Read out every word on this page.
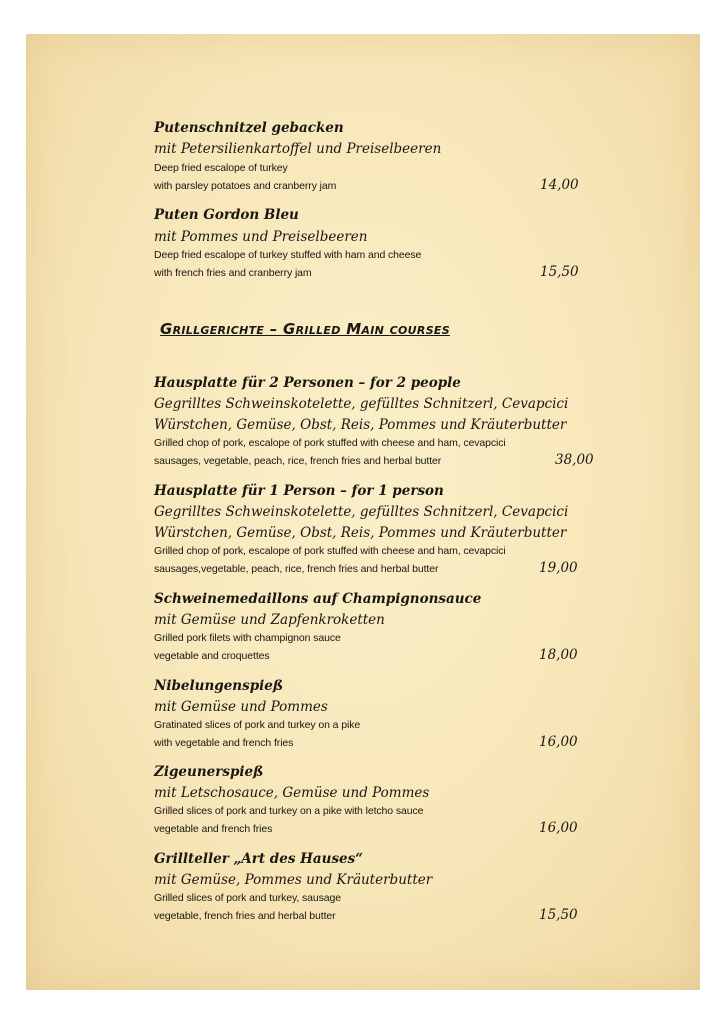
Putenschnitzel gebacken
mit Petersilienkartoffel und Preiselbeeren
Deep fried escalope of turkey
with parsley potatoes and cranberry jam	14,00
Puten Gordon Bleu
mit Pommes und Preiselbeeren
Deep fried escalope of turkey stuffed with ham and cheese
with french fries and cranberry jam	15,50
Grillgerichte – Grilled Main courses
Hausplatte für 2 Personen – for 2 people
Gegrilltes Schweinskotelette, gefülltes Schnitzerl, Cevapcici
Würstchen, Gemüse, Obst, Reis, Pommes und Kräuterbutter
Grilled chop of pork, escalope of pork stuffed with cheese and ham, cevapcici
sausages, vegetable, peach, rice, french fries and herbal butter	38,00
Hausplatte für 1 Person – for 1 person
Gegrilltes Schweinskotelette, gefülltes Schnitzerl, Cevapcici
Würstchen, Gemüse, Obst, Reis, Pommes und Kräuterbutter
Grilled chop of pork, escalope of pork stuffed with cheese and ham, cevapcici
sausages,vegetable, peach, rice, french fries and herbal butter	19,00
Schweinemedaillons auf Champignonsauce
mit Gemüse und Zapfenkroketten
Grilled pork filets with champignon sauce
vegetable and croquettes	18,00
Nibelungenspieß
mit Gemüse und Pommes
Gratinated slices of pork and turkey on a pike
with vegetable and french fries	16,00
Zigeunerspieß
mit Letschosauce, Gemüse und Pommes
Grilled slices of pork and turkey on a pike with letcho sauce
vegetable and french fries	16,00
Grillteller „Art des Hauses“
mit Gemüse, Pommes und Kräuterbutter
Grilled slices of pork and turkey, sausage
vegetable, french fries and herbal butter	15,50
